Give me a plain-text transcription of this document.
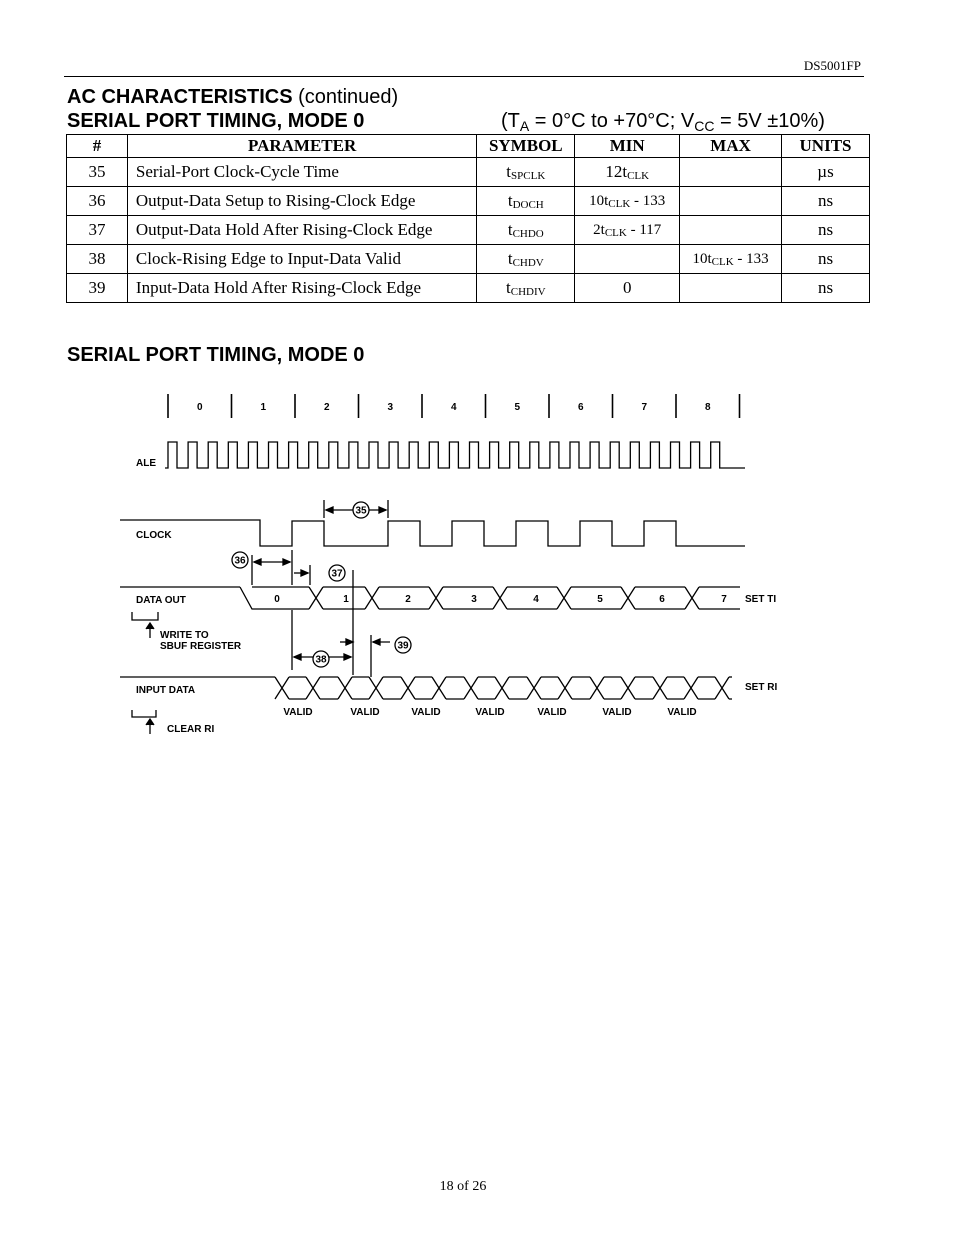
DS5001FP
AC CHARACTERISTICS (continued)
SERIAL PORT TIMING, MODE 0	($T_A = 0^\circ C$ to +70°C; $V_{CC} = 5V \pm 10\%$)
#	PARAMETER	SYMBOL	MIN	MAX	UNITS
35	Serial-Port Clock-Cycle Time	$t_{SPCLK}$	$12t_{CLK}$		µs
36	Output-Data Setup to Rising-Clock Edge	$t_{DOCH}$	$10t_{CLK} - 133$		ns
37	Output-Data Hold After Rising-Clock Edge	$t_{CHDO}$	$2t_{CLK} - 117$		ns
38	Clock-Rising Edge to Input-Data Valid	$t_{CHDV}$		$10t_{CLK} - 133$	ns
39	Input-Data Hold After Rising-Clock Edge	$t_{CHDIV}$	0		ns
SERIAL PORT TIMING, MODE 0
0	1	2	3	4	5	6	7	8
0	1	2	3	4	5	6	7
VALID	VALID	VALID	VALID	VALID	VALID	VALID
35
36
37
38
39
ALE
CLOCK
DATA OUT
INPUT DATA
SET TI
SET RI
WRITE TO
SBUF REGISTER
CLEAR RI
18 of 26
